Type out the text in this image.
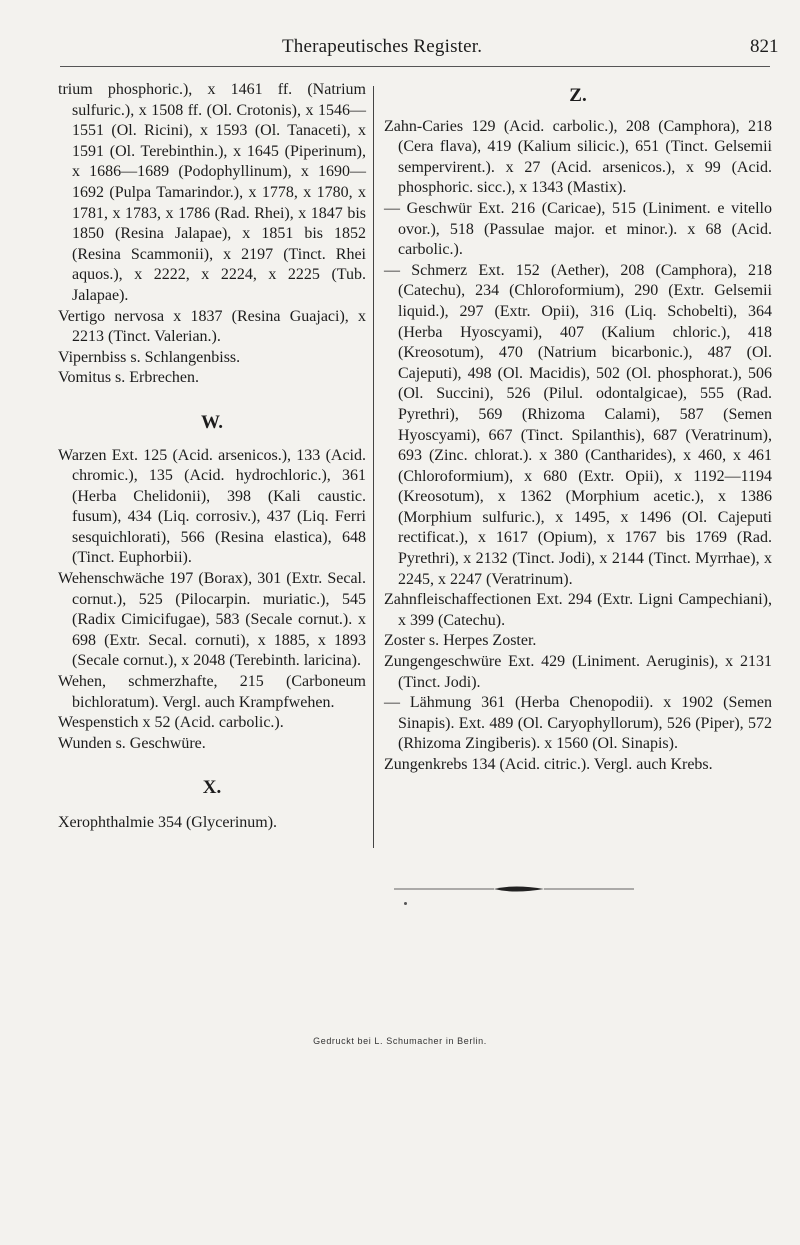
Therapeutisches Register.	821

trium phosphoric.), x 1461 ff. (Natrium sulfuric.), x 1508 ff. (Ol. Crotonis), x 1546—1551 (Ol. Ricini), x 1593 (Ol. Tanaceti), x 1591 (Ol. Terebinthin.), x 1645 (Piperinum), x 1686—1689 (Podophyllinum), x 1690—1692 (Pulpa Tamarindor.), x 1778, x 1780, x 1781, x 1783, x 1786 (Rad. Rhei), x 1847 bis 1850 (Resina Jalapae), x 1851 bis 1852 (Resina Scammonii), x 2197 (Tinct. Rhei aquos.), x 2222, x 2224, x 2225 (Tub. Jalapae).

Vertigo nervosa x 1837 (Resina Guajaci), x 2213 (Tinct. Valerian.).

Vipernbiss s. Schlangenbiss.

Vomitus s. Erbrechen.

W.

Warzen Ext. 125 (Acid. arsenicos.), 133 (Acid. chromic.), 135 (Acid. hydrochloric.), 361 (Herba Chelidonii), 398 (Kali caustic. fusum), 434 (Liq. corrosiv.), 437 (Liq. Ferri sesquichlorati), 566 (Resina elastica), 648 (Tinct. Euphorbii).

Wehenschwäche 197 (Borax), 301 (Extr. Secal. cornut.), 525 (Pilocarpin. muriatic.), 545 (Radix Cimicifugae), 583 (Secale cornut.). x 698 (Extr. Secal. cornuti), x 1885, x 1893 (Secale cornut.), x 2048 (Terebinth. laricina).

Wehen, schmerzhafte, 215 (Carboneum bichloratum). Vergl. auch Krampfwehen.

Wespenstich x 52 (Acid. carbolic.).

Wunden s. Geschwüre.

X.

Xerophthalmie 354 (Glycerinum).

Z.

Zahn-Caries 129 (Acid. carbolic.), 208 (Camphora), 218 (Cera flava), 419 (Kalium silicic.), 651 (Tinct. Gelsemii sempervirent.). x 27 (Acid. arsenicos.), x 99 (Acid. phosphoric. sicc.), x 1343 (Mastix).

— Geschwür Ext. 216 (Caricae), 515 (Liniment. e vitello ovor.), 518 (Passulae major. et minor.). x 68 (Acid. carbolic.).

— Schmerz Ext. 152 (Aether), 208 (Camphora), 218 (Catechu), 234 (Chloroformium), 290 (Extr. Gelsemii liquid.), 297 (Extr. Opii), 316 (Liq. Schobelti), 364 (Herba Hyoscyami), 407 (Kalium chloric.), 418 (Kreosotum), 470 (Natrium bicarbonic.), 487 (Ol. Cajeputi), 498 (Ol. Macidis), 502 (Ol. phosphorat.), 506 (Ol. Succini), 526 (Pilul. odontalgicae), 555 (Rad. Pyrethri), 569 (Rhizoma Calami), 587 (Semen Hyoscyami), 667 (Tinct. Spilanthis), 687 (Veratrinum), 693 (Zinc. chlorat.). x 380 (Cantharides), x 460, x 461 (Chloroformium), x 680 (Extr. Opii), x 1192—1194 (Kreosotum), x 1362 (Morphium acetic.), x 1386 (Morphium sulfuric.), x 1495, x 1496 (Ol. Cajeputi rectificat.), x 1617 (Opium), x 1767 bis 1769 (Rad. Pyrethri), x 2132 (Tinct. Jodi), x 2144 (Tinct. Myrrhae), x 2245, x 2247 (Veratrinum).

Zahnfleischaffectionen Ext. 294 (Extr. Ligni Campechiani), x 399 (Catechu).

Zoster s. Herpes Zoster.

Zungengeschwüre Ext. 429 (Liniment. Aeruginis), x 2131 (Tinct. Jodi).

— Lähmung 361 (Herba Chenopodii). x 1902 (Semen Sinapis). Ext. 489 (Ol. Caryophyllorum), 526 (Piper), 572 (Rhizoma Zingiberis). x 1560 (Ol. Sinapis).

Zungenkrebs 134 (Acid. citric.). Vergl. auch Krebs.

Gedruckt bei L. Schumacher in Berlin.
